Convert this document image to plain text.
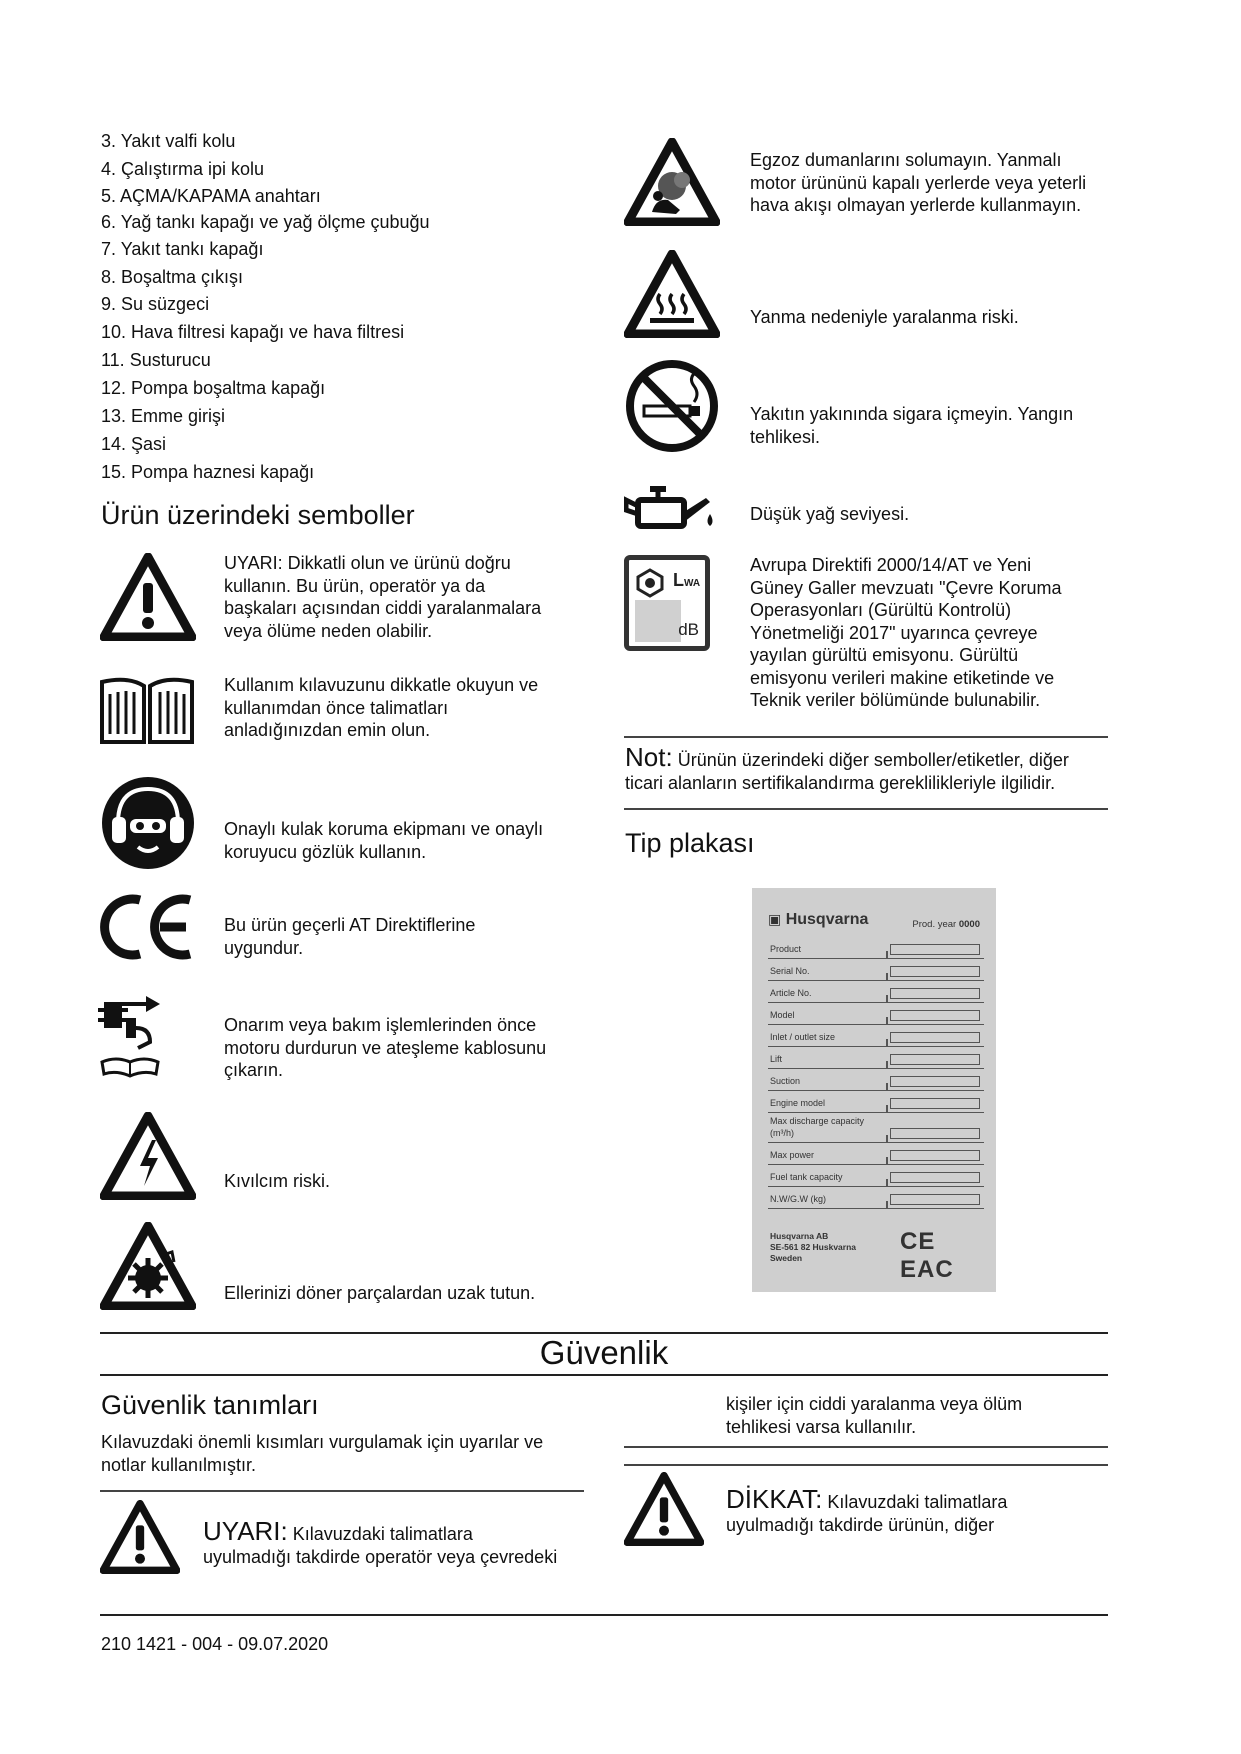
3. Yakıt valfi kolu
4. Çalıştırma ipi kolu
5. AÇMA/KAPAMA anahtarı
6. Yağ tankı kapağı ve yağ ölçme çubuğu
7. Yakıt tankı kapağı
8. Boşaltma çıkışı
9. Su süzgeci
10. Hava filtresi kapağı ve hava filtresi
11. Susturucu
12. Pompa boşaltma kapağı
13. Emme girişi
14. Şasi
15. Pompa haznesi kapağı
Ürün üzerindeki semboller
UYARI: Dikkatli olun ve ürünü doğru
kullanın. Bu ürün, operatör ya da
başkaları açısından ciddi yaralanmalara
veya ölüme neden olabilir.
Kullanım kılavuzunu dikkatle okuyun ve
kullanımdan önce talimatları
anladığınızdan emin olun.
Onaylı kulak koruma ekipmanı ve onaylı
koruyucu gözlük kullanın.
Bu ürün geçerli AT Direktiflerine
uygundur.
Onarım veya bakım işlemlerinden önce
motoru durdurun ve ateşleme kablosunu
çıkarın.
Kıvılcım riski.
Ellerinizi döner parçalardan uzak tutun.
LWA
dB
Egzoz dumanlarını solumayın. Yanmalı
motor ürününü kapalı yerlerde veya yeterli
hava akışı olmayan yerlerde kullanmayın.
Yanma nedeniyle yaralanma riski.
Yakıtın yakınında sigara içmeyin. Yangın
tehlikesi.
Düşük yağ seviyesi.
Avrupa Direktifi 2000/14/AT ve Yeni
Güney Galler mevzuatı "Çevre Koruma
Operasyonları (Gürültü Kontrolü)
Yönetmeliği 2017" uyarınca çevreye
yayılan gürültü emisyonu. Gürültü
emisyonu verileri makine etiketinde ve
Teknik veriler bölümünde bulunabilir.
Not: Ürünün üzerindeki diğer semboller/etiketler, diğer
ticari alanların sertifikalandırma gereklilikleriyle ilgilidir.
Tip plakası
▣ Husqvarna	Prod. year 0000
Product
Serial No.
Article No.
Model
Inlet / outlet size
Lift
Suction
Engine model
Max discharge capacity (m³/h)
Max power
Fuel tank capacity
N.W/G.W (kg)
Husqvarna AB
SE-561 82 Huskvarna
Sweden
CE EAC
Güvenlik
Güvenlik tanımları
Kılavuzdaki önemli kısımları vurgulamak için uyarılar ve
notlar kullanılmıştır.
UYARI: Kılavuzdaki talimatlara
uyulmadığı takdirde operatör veya çevredeki
kişiler için ciddi yaralanma veya ölüm
tehlikesi varsa kullanılır.
DİKKAT: Kılavuzdaki talimatlara
uyulmadığı takdirde ürünün, diğer
210 1421 - 004 - 09.07.2020
